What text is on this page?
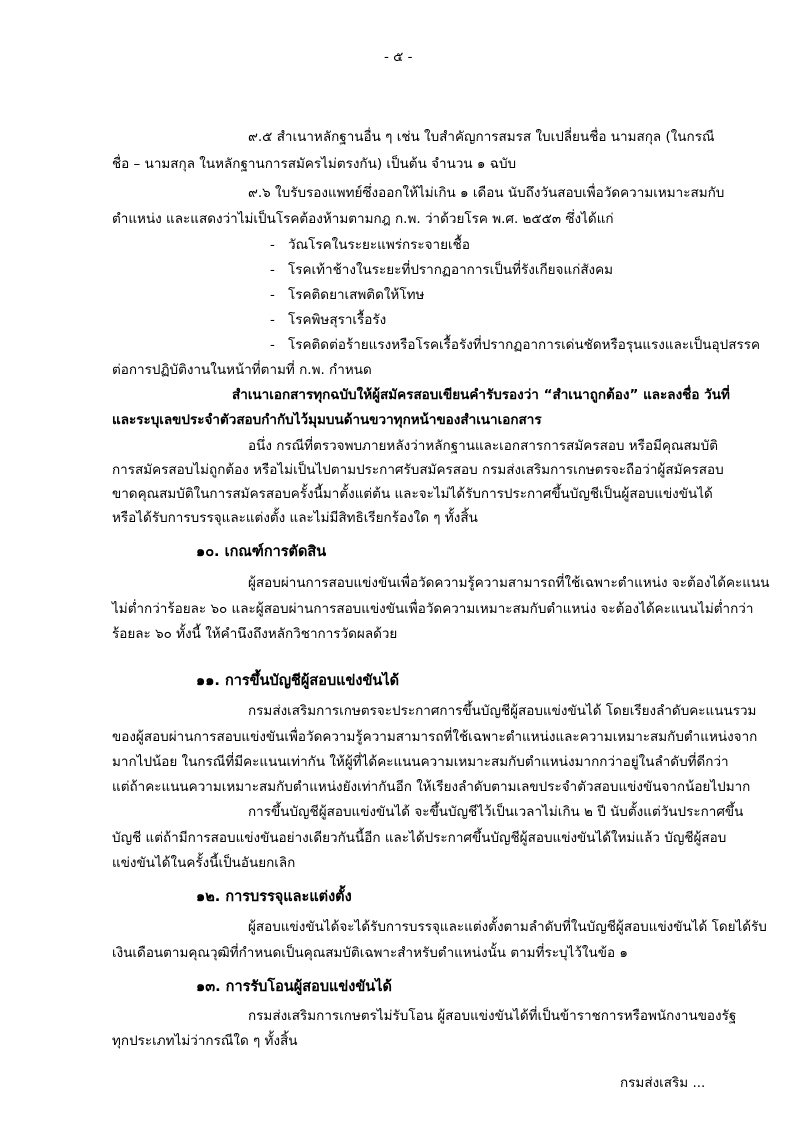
- ๕ -
๙.๕ สำเนาหลักฐานอื่น ๆ เช่น ใบสำคัญการสมรส ใบเปลี่ยนชื่อ นามสกุล (ในกรณี
ชื่อ – นามสกุล ในหลักฐานการสมัครไม่ตรงกัน) เป็นต้น จำนวน ๑ ฉบับ
๙.๖ ใบรับรองแพทย์ซึ่งออกให้ไม่เกิน ๑ เดือน นับถึงวันสอบเพื่อวัดความเหมาะสมกับ
ตำแหน่ง และแสดงว่าไม่เป็นโรคต้องห้ามตามกฎ ก.พ. ว่าด้วยโรค พ.ศ. ๒๕๕๓ ซึ่งได้แก่
- วัณโรคในระยะแพร่กระจายเชื้อ
- โรคเท้าช้างในระยะที่ปรากฏอาการเป็นที่รังเกียจแก่สังคม
- โรคติดยาเสพติดให้โทษ
- โรคพิษสุราเรื้อรัง
- โรคติดต่อร้ายแรงหรือโรคเรื้อรังที่ปรากฏอาการเด่นชัดหรือรุนแรงและเป็นอุปสรรค
ต่อการปฏิบัติงานในหน้าที่ตามที่ ก.พ. กำหนด
สำเนาเอกสารทุกฉบับให้ผู้สมัครสอบเขียนคำรับรองว่า “สำเนาถูกต้อง” และลงชื่อ วันที่
และระบุเลขประจำตัวสอบกำกับไว้มุมบนด้านขวาทุกหน้าของสำเนาเอกสาร
อนึ่ง กรณีที่ตรวจพบภายหลังว่าหลักฐานและเอกสารการสมัครสอบ หรือมีคุณสมบัติ
การสมัครสอบไม่ถูกต้อง หรือไม่เป็นไปตามประกาศรับสมัครสอบ กรมส่งเสริมการเกษตรจะถือว่าผู้สมัครสอบ
ขาดคุณสมบัติในการสมัครสอบครั้งนี้มาตั้งแต่ต้น และจะไม่ได้รับการประกาศขึ้นบัญชีเป็นผู้สอบแข่งขันได้
หรือได้รับการบรรจุและแต่งตั้ง และไม่มีสิทธิเรียกร้องใด ๆ ทั้งสิ้น
๑๐. เกณฑ์การตัดสิน
ผู้สอบผ่านการสอบแข่งขันเพื่อวัดความรู้ความสามารถที่ใช้เฉพาะตำแหน่ง จะต้องได้คะแนน
ไม่ต่ำกว่าร้อยละ ๖๐ และผู้สอบผ่านการสอบแข่งขันเพื่อวัดความเหมาะสมกับตำแหน่ง จะต้องได้คะแนนไม่ต่ำกว่า
ร้อยละ ๖๐ ทั้งนี้ ให้คำนึงถึงหลักวิชาการวัดผลด้วย
๑๑. การขึ้นบัญชีผู้สอบแข่งขันได้
กรมส่งเสริมการเกษตรจะประกาศการขึ้นบัญชีผู้สอบแข่งขันได้ โดยเรียงลำดับคะแนนรวม
ของผู้สอบผ่านการสอบแข่งขันเพื่อวัดความรู้ความสามารถที่ใช้เฉพาะตำแหน่งและความเหมาะสมกับตำแหน่งจาก
มากไปน้อย ในกรณีที่มีคะแนนเท่ากัน ให้ผู้ที่ได้คะแนนความเหมาะสมกับตำแหน่งมากกว่าอยู่ในลำดับที่ดีกว่า
แต่ถ้าคะแนนความเหมาะสมกับตำแหน่งยังเท่ากันอีก ให้เรียงลำดับตามเลขประจำตัวสอบแข่งขันจากน้อยไปมาก
การขึ้นบัญชีผู้สอบแข่งขันได้ จะขึ้นบัญชีไว้เป็นเวลาไม่เกิน ๒ ปี นับตั้งแต่วันประกาศขึ้น
บัญชี แต่ถ้ามีการสอบแข่งขันอย่างเดียวกันนี้อีก และได้ประกาศขึ้นบัญชีผู้สอบแข่งขันได้ใหม่แล้ว บัญชีผู้สอบ
แข่งขันได้ในครั้งนี้เป็นอันยกเลิก
๑๒. การบรรจุและแต่งตั้ง
ผู้สอบแข่งขันได้จะได้รับการบรรจุและแต่งตั้งตามลำดับที่ในบัญชีผู้สอบแข่งขันได้ โดยได้รับ
เงินเดือนตามคุณวุฒิที่กำหนดเป็นคุณสมบัติเฉพาะสำหรับตำแหน่งนั้น ตามที่ระบุไว้ในข้อ ๑
๑๓. การรับโอนผู้สอบแข่งขันได้
กรมส่งเสริมการเกษตรไม่รับโอน ผู้สอบแข่งขันได้ที่เป็นข้าราชการหรือพนักงานของรัฐ
ทุกประเภทไม่ว่ากรณีใด ๆ ทั้งสิ้น
กรมส่งเสริม ...
